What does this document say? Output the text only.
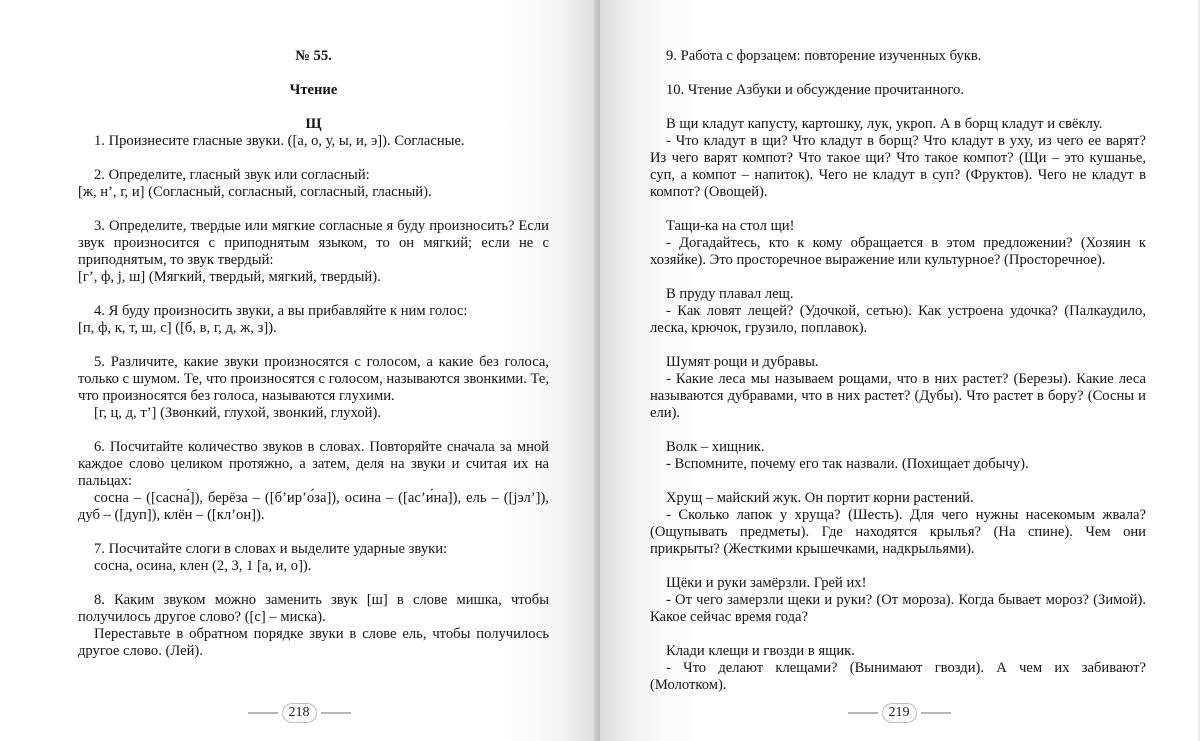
№ 55.

Чтение

Щ

1. Произнесите гласные звуки. ([а, о, у, ы, и, э]). Согласные.

2. Определите, гласный звук или согласный:

[ж, н’, г, и] (Согласный, согласный, согласный, гласный).

3. Определите, твердые или мягкие согласные я буду произносить? Если звук произносится с приподнятым языком, то он мягкий; если не с приподнятым, то звук твердый:

[г’, ф, j, ш] (Мягкий, твердый, мягкий, твердый).

4. Я буду произносить звуки, а вы прибавляйте к ним голос:

[п, ф, к, т, ш, с] ([б, в, г, д, ж, з]).

5. Различите, какие звуки произносятся с голосом, а какие без голоса, только с шумом. Те, что произносятся с голосом, называются звонкими. Те, что произносятся без голоса, называются глухими.

[г, ц, д, т’] (Звонкий, глухой, звонкий, глухой).

6. Посчитайте количество звуков в словах. Повторяйте сначала за мной каждое слово целиком протяжно, а затем, деля на звуки и считая их на пальцах:

сосна – ([сасна́]), берёза – ([б’ир’о́за]), осина – ([ас’и́на]), ель – ([jэл’]), дуб – ([дуп]), клён – ([кл’он]).

7. Посчитайте слоги в словах и выделите ударные звуки:

сосна, осина, клен (2, 3, 1 [а, и, о]).

8. Каким звуком можно заменить звук [ш] в слове мишка, чтобы получилось другое слово? ([с] – миска).

Переставьте в обратном порядке звуки в слове ель, чтобы получилось другое слово. (Лей).

218

9. Работа с форзацем: повторение изученных букв.

10. Чтение Азбуки и обсуждение прочитанного.

В щи кладут капусту, картошку, лук, укроп. А в борщ кладут и свёклу.

- Что кладут в щи? Что кладут в борщ? Что кладут в уху, из чего ее варят? Из чего варят компот? Что такое щи? Что такое компот? (Щи – это кушанье, суп, а компот – напиток). Чего не кладут в суп? (Фруктов). Чего не кладут в компот? (Овощей).

Тащи-ка на стол щи!

- Догадайтесь, кто к кому обращается в этом предложении? (Хозяин к хозяйке). Это просторечное выражение или культурное? (Просторечное).

В пруду плавал лещ.

- Как ловят лещей? (Удочкой, сетью). Как устроена удочка? (Палкаудило, леска, крючок, грузило, поплавок).

Шумят рощи и дубравы.

- Какие леса мы называем рощами, что в них растет? (Березы). Какие леса называются дубравами, что в них растет? (Дубы). Что растет в бору? (Сосны и ели).

Волк – хищник.

- Вспомните, почему его так назвали. (Похищает добычу).

Хрущ – майский жук. Он портит корни растений.

- Сколько лапок у хруща? (Шесть). Для чего нужны насекомым жвала? (Ощупывать предметы). Где находятся крылья? (На спине). Чем они прикрыты? (Жесткими крышечками, надкрыльями).

Щёки и руки замёрзли. Грей их!

- От чего замерзли щеки и руки? (От мороза). Когда бывает мороз? (Зимой). Какое сейчас время года?

Клади клещи и гвозди в ящик.

- Что делают клещами? (Вынимают гвозди). А чем их забивают? (Молотком).

219
